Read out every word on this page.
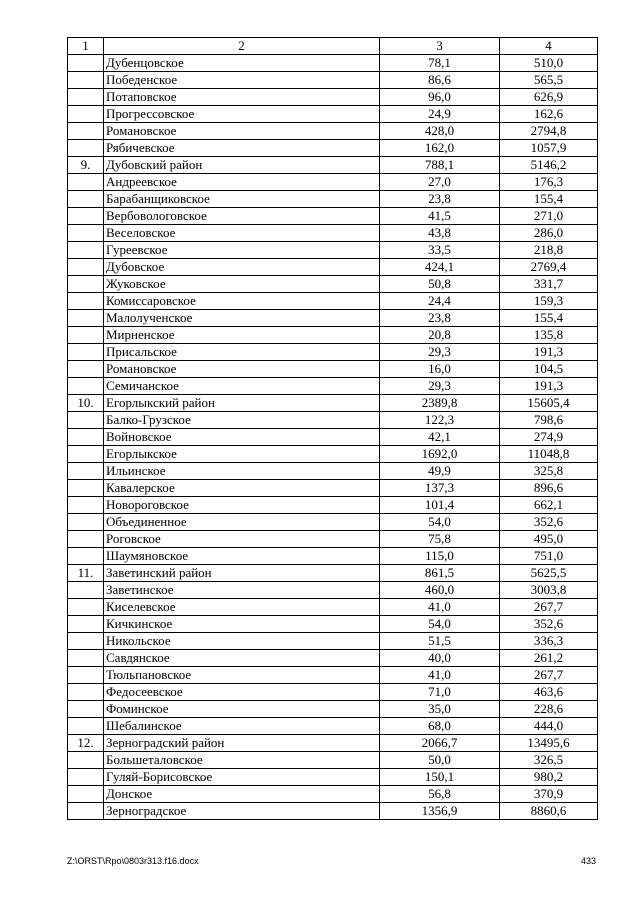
1	2	3	4
	Дубенцовское	78,1	510,0
	Победенское	86,6	565,5
	Потаповское	96,0	626,9
	Прогрессовское	24,9	162,6
	Романовское	428,0	2794,8
	Рябичевское	162,0	1057,9
9.	Дубовский район	788,1	5146,2
	Андреевское	27,0	176,3
	Барабанщиковское	23,8	155,4
	Вербовологовское	41,5	271,0
	Веселовское	43,8	286,0
	Гуреевское	33,5	218,8
	Дубовское	424,1	2769,4
	Жуковское	50,8	331,7
	Комиссаровское	24,4	159,3
	Малолученское	23,8	155,4
	Мирненское	20,8	135,8
	Присальское	29,3	191,3
	Романовское	16,0	104,5
	Семичанское	29,3	191,3
10.	Егорлыкский район	2389,8	15605,4
	Балко-Грузское	122,3	798,6
	Войновское	42,1	274,9
	Егорлыкское	1692,0	11048,8
	Ильинское	49,9	325,8
	Кавалерское	137,3	896,6
	Новороговское	101,4	662,1
	Объединенное	54,0	352,6
	Роговское	75,8	495,0
	Шаумяновское	115,0	751,0
11.	Заветинский район	861,5	5625,5
	Заветинское	460,0	3003,8
	Киселевское	41,0	267,7
	Кичкинское	54,0	352,6
	Никольское	51,5	336,3
	Савдянское	40,0	261,2
	Тюльпановское	41,0	267,7
	Федосеевское	71,0	463,6
	Фоминское	35,0	228,6
	Шебалинское	68,0	444,0
12.	Зерноградский район	2066,7	13495,6
	Большеталовское	50,0	326,5
	Гуляй-Борисовское	150,1	980,2
	Донское	56,8	370,9
	Зерноградское	1356,9	8860,6
Z:\ORST\Rpo\0803r313.f16.docx	433
